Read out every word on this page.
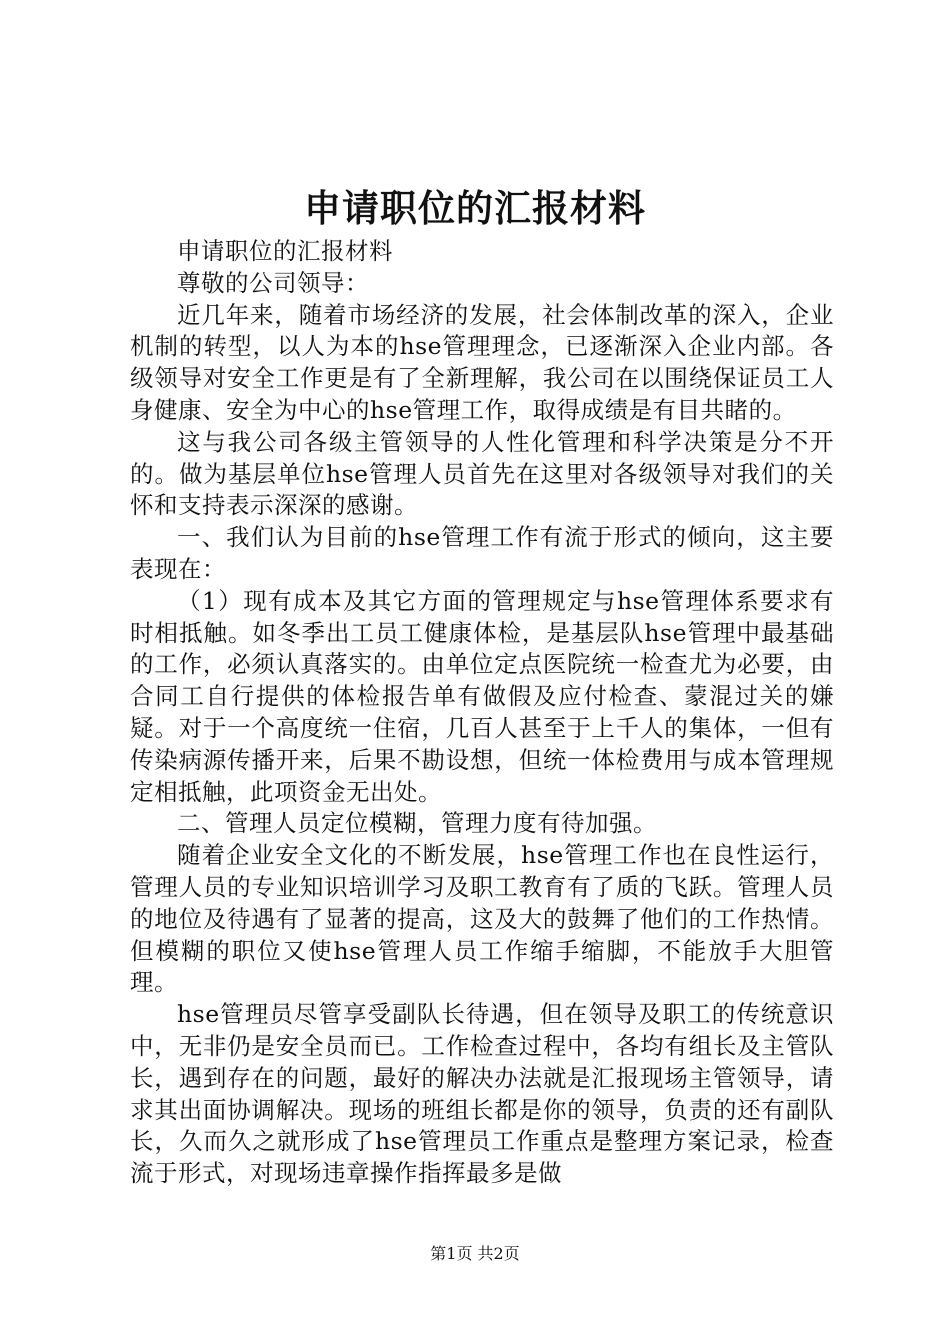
申请职位的汇报材料

申请职位的汇报材料

尊敬的公司领导：

近几年来，随着市场经济的发展，社会体制改革的深入，企业机制的转型，以人为本的hse管理理念，已逐渐深入企业内部。各级领导对安全工作更是有了全新理解，我公司在以围绕保证员工人身健康、安全为中心的hse管理工作，取得成绩是有目共睹的。

这与我公司各级主管领导的人性化管理和科学决策是分不开的。做为基层单位hse管理人员首先在这里对各级领导对我们的关怀和支持表示深深的感谢。

一、我们认为目前的hse管理工作有流于形式的倾向，这主要表现在：

（1）现有成本及其它方面的管理规定与hse管理体系要求有时相抵触。如冬季出工员工健康体检，是基层队hse管理中最基础的工作，必须认真落实的。由单位定点医院统一检查尤为必要，由合同工自行提供的体检报告单有做假及应付检查、蒙混过关的嫌疑。对于一个高度统一住宿，几百人甚至于上千人的集体，一但有传染病源传播开来，后果不勘设想，但统一体检费用与成本管理规定相抵触，此项资金无出处。

二、管理人员定位模糊，管理力度有待加强。

随着企业安全文化的不断发展，hse管理工作也在良性运行，管理人员的专业知识培训学习及职工教育有了质的飞跃。管理人员的地位及待遇有了显著的提高，这及大的鼓舞了他们的工作热情。但模糊的职位又使hse管理人员工作缩手缩脚，不能放手大胆管理。

hse管理员尽管享受副队长待遇，但在领导及职工的传统意识中，无非仍是安全员而已。工作检查过程中，各均有组长及主管队长，遇到存在的问题，最好的解决办法就是汇报现场主管领导，请求其出面协调解决。现场的班组长都是你的领导，负责的还有副队长，久而久之就形成了hse管理员工作重点是整理方案记录，检查流于形式，对现场违章操作指挥最多是做

第1页 共2页
